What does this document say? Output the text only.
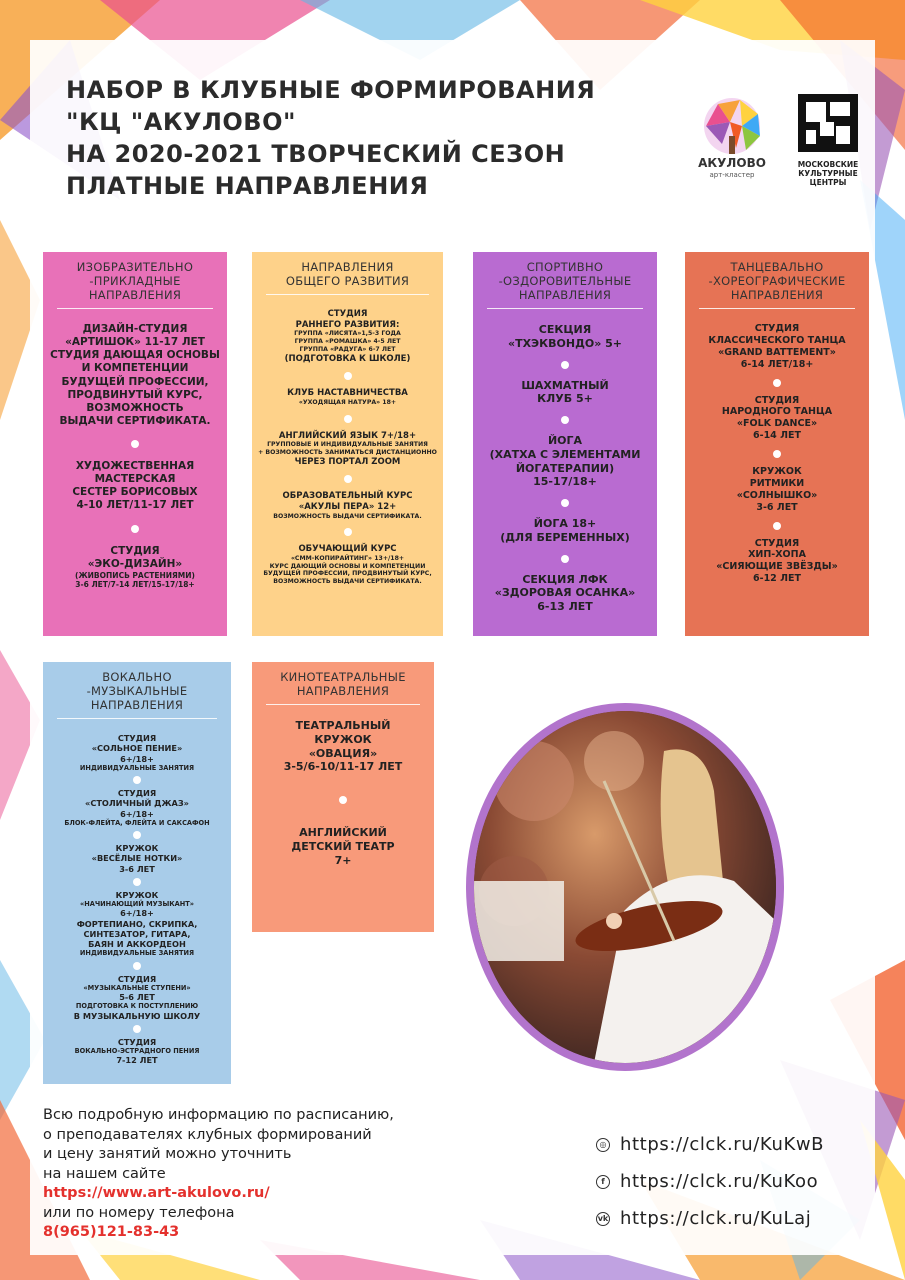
НАБОР В КЛУБНЫЕ ФОРМИРОВАНИЯ
"КЦ "АКУЛОВО"
НА 2020-2021 ТВОРЧЕСКИЙ СЕЗОН
ПЛАТНЫЕ НАПРАВЛЕНИЯ
АКУЛОВО
арт-кластер
МОСКОВСКИЕ
КУЛЬТУРНЫЕ
ЦЕНТРЫ
ИЗОБРАЗИТЕЛЬНО
-ПРИКЛАДНЫЕ
НАПРАВЛЕНИЯ
ДИЗАЙН-СТУДИЯ
«АРТИШОК» 11-17 ЛЕТ
СТУДИЯ ДАЮЩАЯ ОСНОВЫ
И КОМПЕТЕНЦИИ
БУДУЩЕЙ ПРОФЕССИИ,
ПРОДВИНУТЫЙ КУРС,
ВОЗМОЖНОСТЬ
ВЫДАЧИ СЕРТИФИКАТА.
ХУДОЖЕСТВЕННАЯ
МАСТЕРСКАЯ
СЕСТЕР БОРИСОВЫХ
4-10 ЛЕТ/11-17 ЛЕТ
СТУДИЯ
«ЭКО-ДИЗАЙН»
(ЖИВОПИСЬ РАСТЕНИЯМИ)
3-6 ЛЕТ/7-14 ЛЕТ/15-17/18+
НАПРАВЛЕНИЯ
ОБЩЕГО РАЗВИТИЯ
СТУДИЯ
РАННЕГО РАЗВИТИЯ:
ГРУППА «ЛИСЯТА»1,5-3 ГОДА
ГРУППА «РОМАШКА» 4-5 ЛЕТ
ГРУППА «РАДУГА» 6-7 ЛЕТ
(ПОДГОТОВКА К ШКОЛЕ)
КЛУБ НАСТАВНИЧЕСТВА
«УХОДЯЩАЯ НАТУРА» 18+
АНГЛИЙСКИЙ ЯЗЫК 7+/18+
ГРУППОВЫЕ И ИНДИВИДУАЛЬНЫЕ ЗАНЯТИЯ
+ ВОЗМОЖНОСТЬ ЗАНИМАТЬСЯ ДИСТАНЦИОННО
ЧЕРЕЗ ПОРТАЛ ZOOM
ОБРАЗОВАТЕЛЬНЫЙ КУРС
«АКУЛЫ ПЕРА» 12+
ВОЗМОЖНОСТЬ ВЫДАЧИ СЕРТИФИКАТА.
ОБУЧАЮЩИЙ КУРС
«СММ-КОПИРАЙТИНГ» 13+/18+
КУРС ДАЮЩИЙ ОСНОВЫ И КОМПЕТЕНЦИИ
БУДУЩЕЙ ПРОФЕССИИ, ПРОДВИНУТЫЙ КУРС,
ВОЗМОЖНОСТЬ ВЫДАЧИ СЕРТИФИКАТА.
СПОРТИВНО
-ОЗДОРОВИТЕЛЬНЫЕ
НАПРАВЛЕНИЯ
СЕКЦИЯ
«ТХЭКВОНДО» 5+
ШАХМАТНЫЙ
КЛУБ 5+
ЙОГА
(ХАТХА С ЭЛЕМЕНТАМИ
ЙОГАТЕРАПИИ)
15-17/18+
ЙОГА 18+
(ДЛЯ БЕРЕМЕННЫХ)
СЕКЦИЯ ЛФК
«ЗДОРОВАЯ ОСАНКА»
6-13 ЛЕТ
ТАНЦЕВАЛЬНО
-ХОРЕОГРАФИЧЕСКИЕ
НАПРАВЛЕНИЯ
СТУДИЯ
КЛАССИЧЕСКОГО ТАНЦА
«GRAND BATTEMENT»
6-14 ЛЕТ/18+
СТУДИЯ
НАРОДНОГО ТАНЦА
«FOLK DANCE»
6-14 ЛЕТ
КРУЖОК
РИТМИКИ
«СОЛНЫШКО»
3-6 ЛЕТ
СТУДИЯ
ХИП-ХОПА
«СИЯЮЩИЕ ЗВЁЗДЫ»
6-12 ЛЕТ
ВОКАЛЬНО
-МУЗЫКАЛЬНЫЕ
НАПРАВЛЕНИЯ
СТУДИЯ
«СОЛЬНОЕ ПЕНИЕ»
6+/18+
ИНДИВИДУАЛЬНЫЕ ЗАНЯТИЯ
СТУДИЯ
«СТОЛИЧНЫЙ ДЖАЗ»
6+/18+
БЛОК-ФЛЕЙТА, ФЛЕЙТА И САКСАФОН
КРУЖОК
«ВЕСЁЛЫЕ НОТКИ»
3-6 ЛЕТ
КРУЖОК
«НАЧИНАЮЩИЙ МУЗЫКАНТ»
6+/18+
ФОРТЕПИАНО, СКРИПКА,
СИНТЕЗАТОР, ГИТАРА,
БАЯН И АККОРДЕОН
ИНДИВИДУАЛЬНЫЕ ЗАНЯТИЯ
СТУДИЯ
«МУЗЫКАЛЬНЫЕ СТУПЕНИ»
5-6 ЛЕТ
ПОДГОТОВКА К ПОСТУПЛЕНИЮ
В МУЗЫКАЛЬНУЮ ШКОЛУ
СТУДИЯ
ВОКАЛЬНО-ЭСТРАДНОГО ПЕНИЯ
7-12 ЛЕТ
КИНОТЕАТРАЛЬНЫЕ
НАПРАВЛЕНИЯ
ТЕАТРАЛЬНЫЙ
КРУЖОК
«ОВАЦИЯ»
3-5/6-10/11-17 ЛЕТ
АНГЛИЙСКИЙ
ДЕТСКИЙ ТЕАТР
7+
Всю подробную информацию по расписанию,
о преподавателях клубных формирований
и цену занятий можно уточнить
на нашем сайте
https://www.art-akulovo.ru/
или по номеру телефона
8(965)121-83-43
◎ https://clck.ru/KuKwB
f https://clck.ru/KuKoo
vk https://clck.ru/KuLaj
